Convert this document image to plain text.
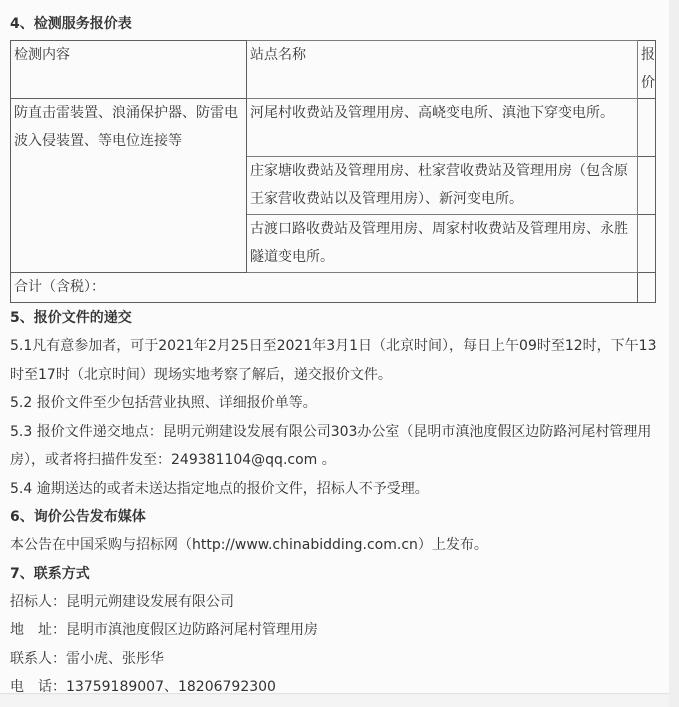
4、检测服务报价表

检测内容	站点名称	报价
防直击雷装置、浪涌保护器、防雷电波入侵装置、等电位连接等	河尾村收费站及管理用房、高峣变电所、滇池下穿变电所。	
	庄家塘收费站及管理用房、杜家营收费站及管理用房（包含原王家营收费站以及管理用房）、新河变电所。	
	古渡口路收费站及管理用房、周家村收费站及管理用房、永胜隧道变电所。	
合计（含税）：		

5、报价文件的递交

5.1凡有意参加者，可于2021年2月25日至2021年3月1日（北京时间），每日上午09时至12时，下午13时至17时（北京时间）现场实地考察了解后，递交报价文件。

5.2 报价文件至少包括营业执照、详细报价单等。

5.3 报价文件递交地点：昆明元朔建设发展有限公司303办公室（昆明市滇池度假区边防路河尾村管理用房），或者将扫描件发至：249381104@qq.com 。

5.4 逾期送达的或者未送达指定地点的报价文件，招标人不予受理。

6、询价公告发布媒体

本公告在中国采购与招标网（http://www.chinabidding.com.cn）上发布。

7、联系方式

招标人：昆明元朔建设发展有限公司

地　址：昆明市滇池度假区边防路河尾村管理用房

联系人：雷小虎、张彤华

电　话：13759189007、18206792300
